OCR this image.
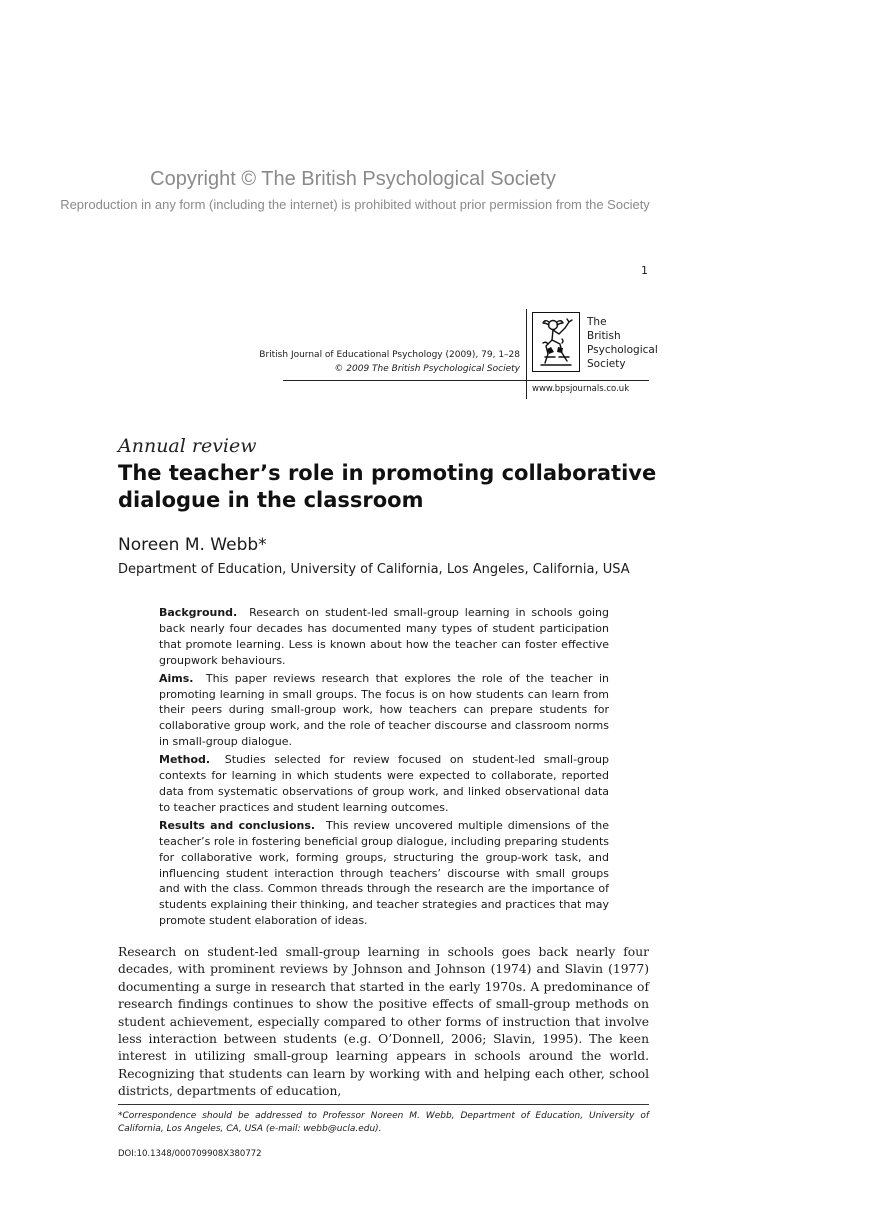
Copyright © The British Psychological Society
Reproduction in any form (including the internet) is prohibited without prior permission from the Society
1
British Journal of Educational Psychology (2009), 79, 1–28
© 2009 The British Psychological Society
The
British
Psychological
Society
www.bpsjournals.co.uk
Annual review
The teacher’s role in promoting collaborative
dialogue in the classroom
Noreen M. Webb*
Department of Education, University of California, Los Angeles, California, USA

Background. Research on student-led small-group learning in schools going back nearly four decades has documented many types of student participation that promote learning. Less is known about how the teacher can foster effective groupwork behaviours.

Aims. This paper reviews research that explores the role of the teacher in promoting learning in small groups. The focus is on how students can learn from their peers during small-group work, how teachers can prepare students for collaborative group work, and the role of teacher discourse and classroom norms in small-group dialogue.

Method. Studies selected for review focused on student-led small-group contexts for learning in which students were expected to collaborate, reported data from systematic observations of group work, and linked observational data to teacher practices and student learning outcomes.

Results and conclusions. This review uncovered multiple dimensions of the teacher’s role in fostering beneficial group dialogue, including preparing students for collaborative work, forming groups, structuring the group-work task, and influencing student interaction through teachers’ discourse with small groups and with the class. Common threads through the research are the importance of students explaining their thinking, and teacher strategies and practices that may promote student elaboration of ideas.

Research on student-led small-group learning in schools goes back nearly four decades, with prominent reviews by Johnson and Johnson (1974) and Slavin (1977) documenting a surge in research that started in the early 1970s. A predominance of research findings continues to show the positive effects of small-group methods on student achievement, especially compared to other forms of instruction that involve less interaction between students (e.g. O’Donnell, 2006; Slavin, 1995). The keen interest in utilizing small-group learning appears in schools around the world. Recognizing that students can learn by working with and helping each other, school districts, departments of education,

*Correspondence should be addressed to Professor Noreen M. Webb, Department of Education, University of California, Los Angeles, CA, USA (e-mail: webb@ucla.edu).
DOI:10.1348/000709908X380772
